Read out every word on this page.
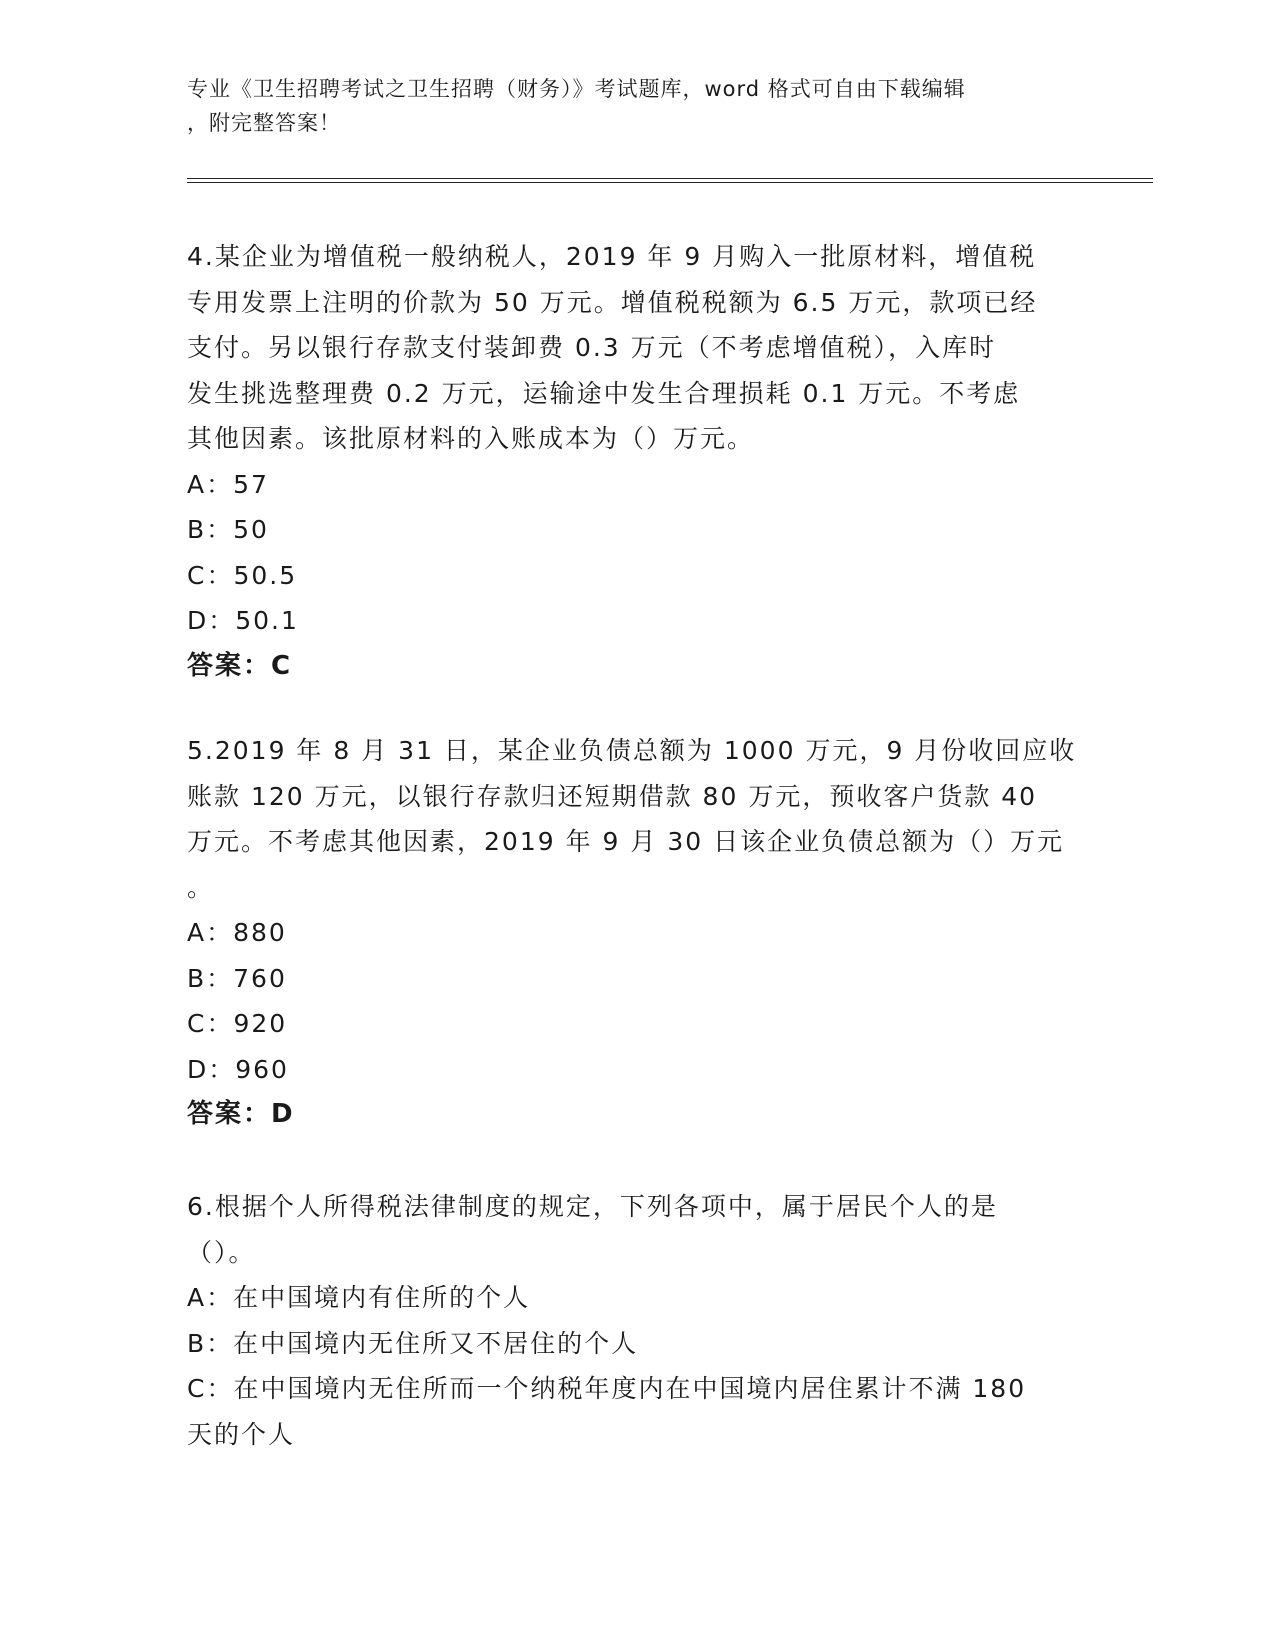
专业《卫生招聘考试之卫生招聘（财务）》考试题库，word 格式可自由下载编辑
，附完整答案！
4.某企业为增值税一般纳税人，2019 年 9 月购入一批原材料，增值税
专用发票上注明的价款为 50 万元。增值税税额为 6.5 万元，款项已经
支付。另以银行存款支付装卸费 0.3 万元（不考虑增值税），入库时
发生挑选整理费 0.2 万元，运输途中发生合理损耗 0.1 万元。不考虑
其他因素。该批原材料的入账成本为（）万元。
A：57
B：50
C：50.5
D：50.1
答案：C
5.2019 年 8 月 31 日，某企业负债总额为 1000 万元，9 月份收回应收
账款 120 万元，以银行存款归还短期借款 80 万元，预收客户货款 40
万元。不考虑其他因素，2019 年 9 月 30 日该企业负债总额为（）万元
。
A：880
B：760
C：920
D：960
答案：D
6.根据个人所得税法律制度的规定，下列各项中，属于居民个人的是
（）。
A：在中国境内有住所的个人
B：在中国境内无住所又不居住的个人
C：在中国境内无住所而一个纳税年度内在中国境内居住累计不满 180
天的个人
